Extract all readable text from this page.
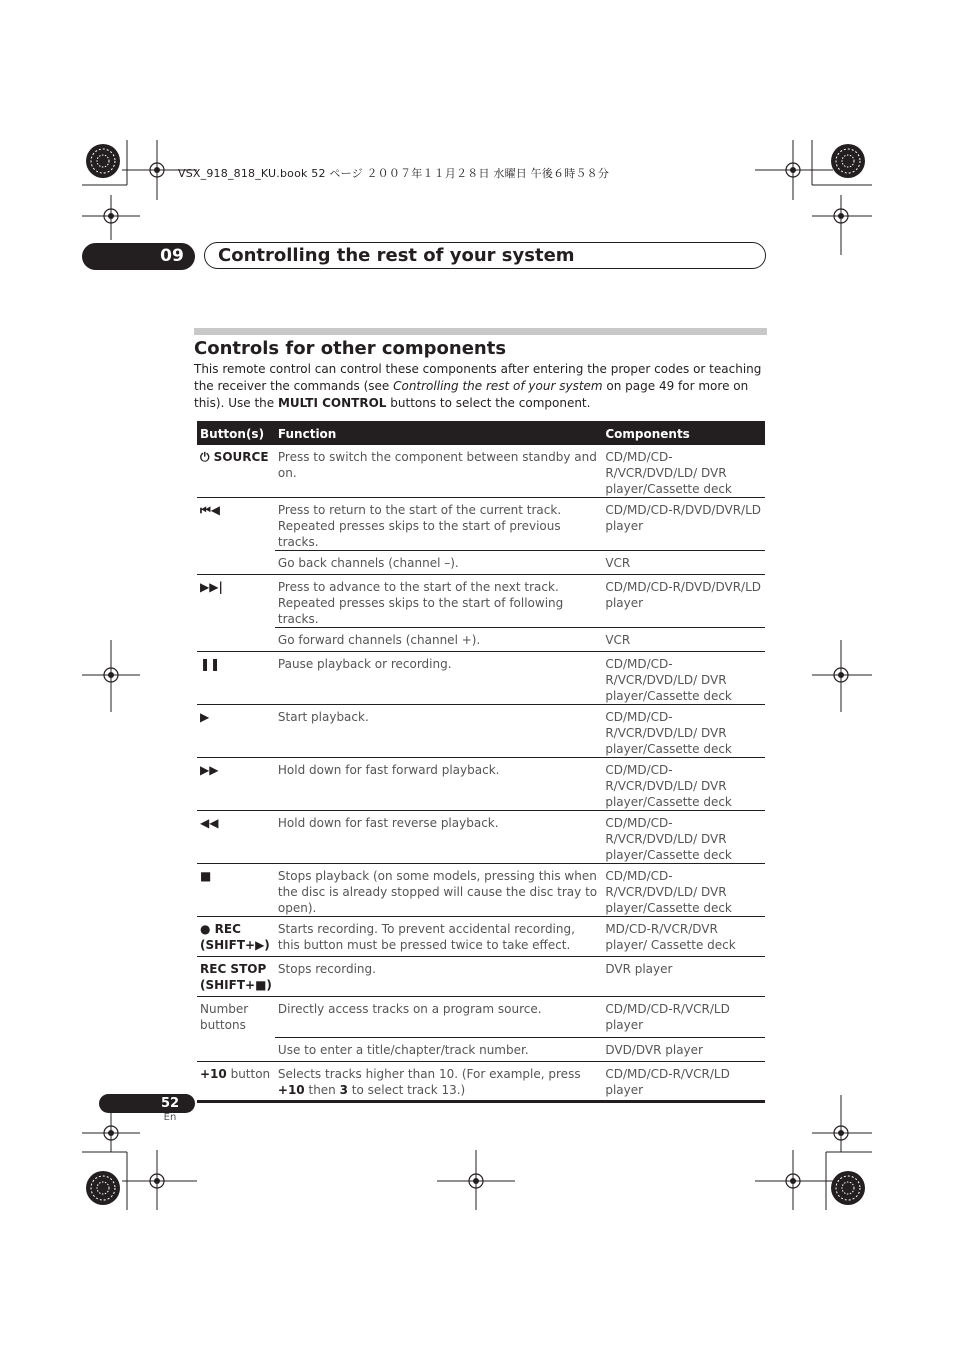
VSX_918_818_KU.book 52 ページ ２００７年１１月２８日 水曜日 午後６時５８分
09	Controlling the rest of your system
Controls for other components
This remote control can control these components after entering the proper codes or teaching the receiver the commands (see Controlling the rest of your system on page 49 for more on this). Use the MULTI CONTROL buttons to select the component.
Button(s)	Function	Components
⏻ SOURCE	Press to switch the component between standby and on.	CD/MD/CD-R/VCR/DVD/LD/ DVR player/Cassette deck
⏮◀	Press to return to the start of the current track. Repeated presses skips to the start of previous tracks.	CD/MD/CD-R/DVD/DVR/LD player
	Go back channels (channel –).	VCR
▶▶|	Press to advance to the start of the next track. Repeated presses skips to the start of following tracks.	CD/MD/CD-R/DVD/DVR/LD player
	Go forward channels (channel +).	VCR
❚❚	Pause playback or recording.	CD/MD/CD-R/VCR/DVD/LD/ DVR player/Cassette deck
▶	Start playback.	CD/MD/CD-R/VCR/DVD/LD/ DVR player/Cassette deck
▶▶	Hold down for fast forward playback.	CD/MD/CD-R/VCR/DVD/LD/ DVR player/Cassette deck
◀◀	Hold down for fast reverse playback.	CD/MD/CD-R/VCR/DVD/LD/ DVR player/Cassette deck
■	Stops playback (on some models, pressing this when the disc is already stopped will cause the disc tray to open).	CD/MD/CD-R/VCR/DVD/LD/ DVR player/Cassette deck

● REC
(SHIFT+▶)	Starts recording. To prevent accidental recording, this button must be pressed twice to take effect.	MD/CD-R/VCR/DVR player/ Cassette deck

REC STOP
(SHIFT+■)	Stops recording.	DVR player
Number buttons	Directly access tracks on a program source.	CD/MD/CD-R/VCR/LD player
	Use to enter a title/chapter/track number.	DVD/DVR player
+10 button	Selects tracks higher than 10. (For example, press +10 then 3 to select track 13.)	CD/MD/CD-R/VCR/LD player
52
En
